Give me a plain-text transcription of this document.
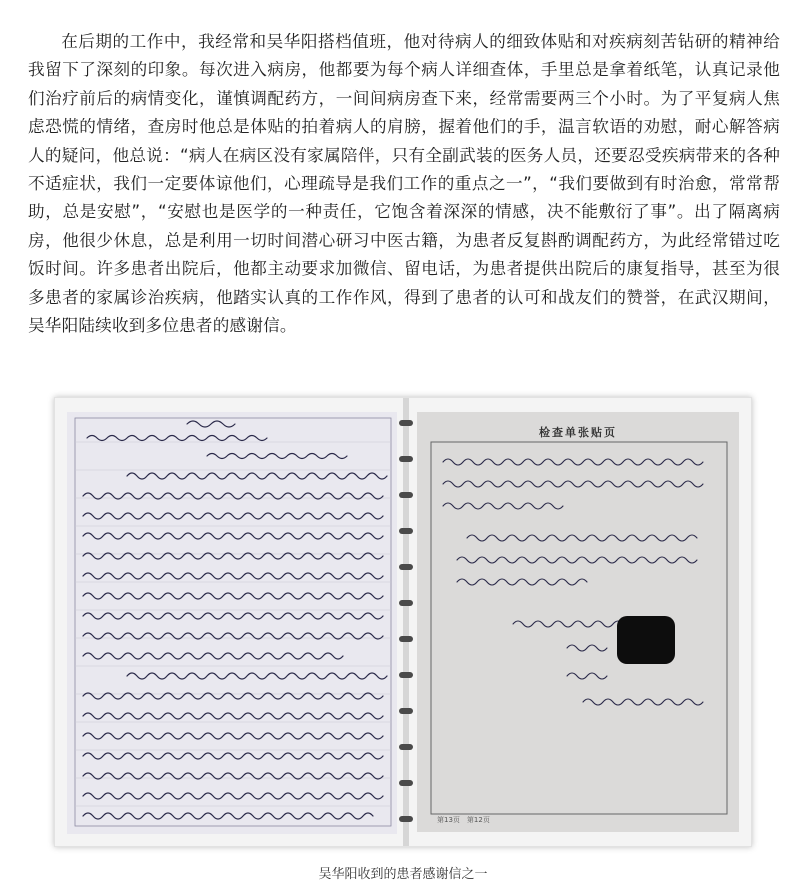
在后期的工作中，我经常和吴华阳搭档值班，他对待病人的细致体贴和对疾病刻苦钻研的精神给我留下了深刻的印象。每次进入病房，他都要为每个病人详细查体，手里总是拿着纸笔，认真记录他们治疗前后的病情变化，谨慎调配药方，一间间病房查下来，经常需要两三个小时。为了平复病人焦虑恐慌的情绪，查房时他总是体贴的拍着病人的肩膀，握着他们的手，温言软语的劝慰，耐心解答病人的疑问，他总说：“病人在病区没有家属陪伴，只有全副武装的医务人员，还要忍受疾病带来的各种不适症状，我们一定要体谅他们，心理疏导是我们工作的重点之一”，“我们要做到有时治愈，常常帮助，总是安慰”，“安慰也是医学的一种责任，它饱含着深深的情感，决不能敷衍了事”。出了隔离病房，他很少休息，总是利用一切时间潜心研习中医古籍，为患者反复斟酌调配药方，为此经常错过吃饭时间。许多患者出院后，他都主动要求加微信、留电话，为患者提供出院后的康复指导，甚至为很多患者的家属诊治疾病，他踏实认真的工作作风，得到了患者的认可和战友们的赞誉，在武汉期间，吴华阳陆续收到多位患者的感谢信。

检查单张贴页
第13页　第12页
吴华阳收到的患者感谢信之一
